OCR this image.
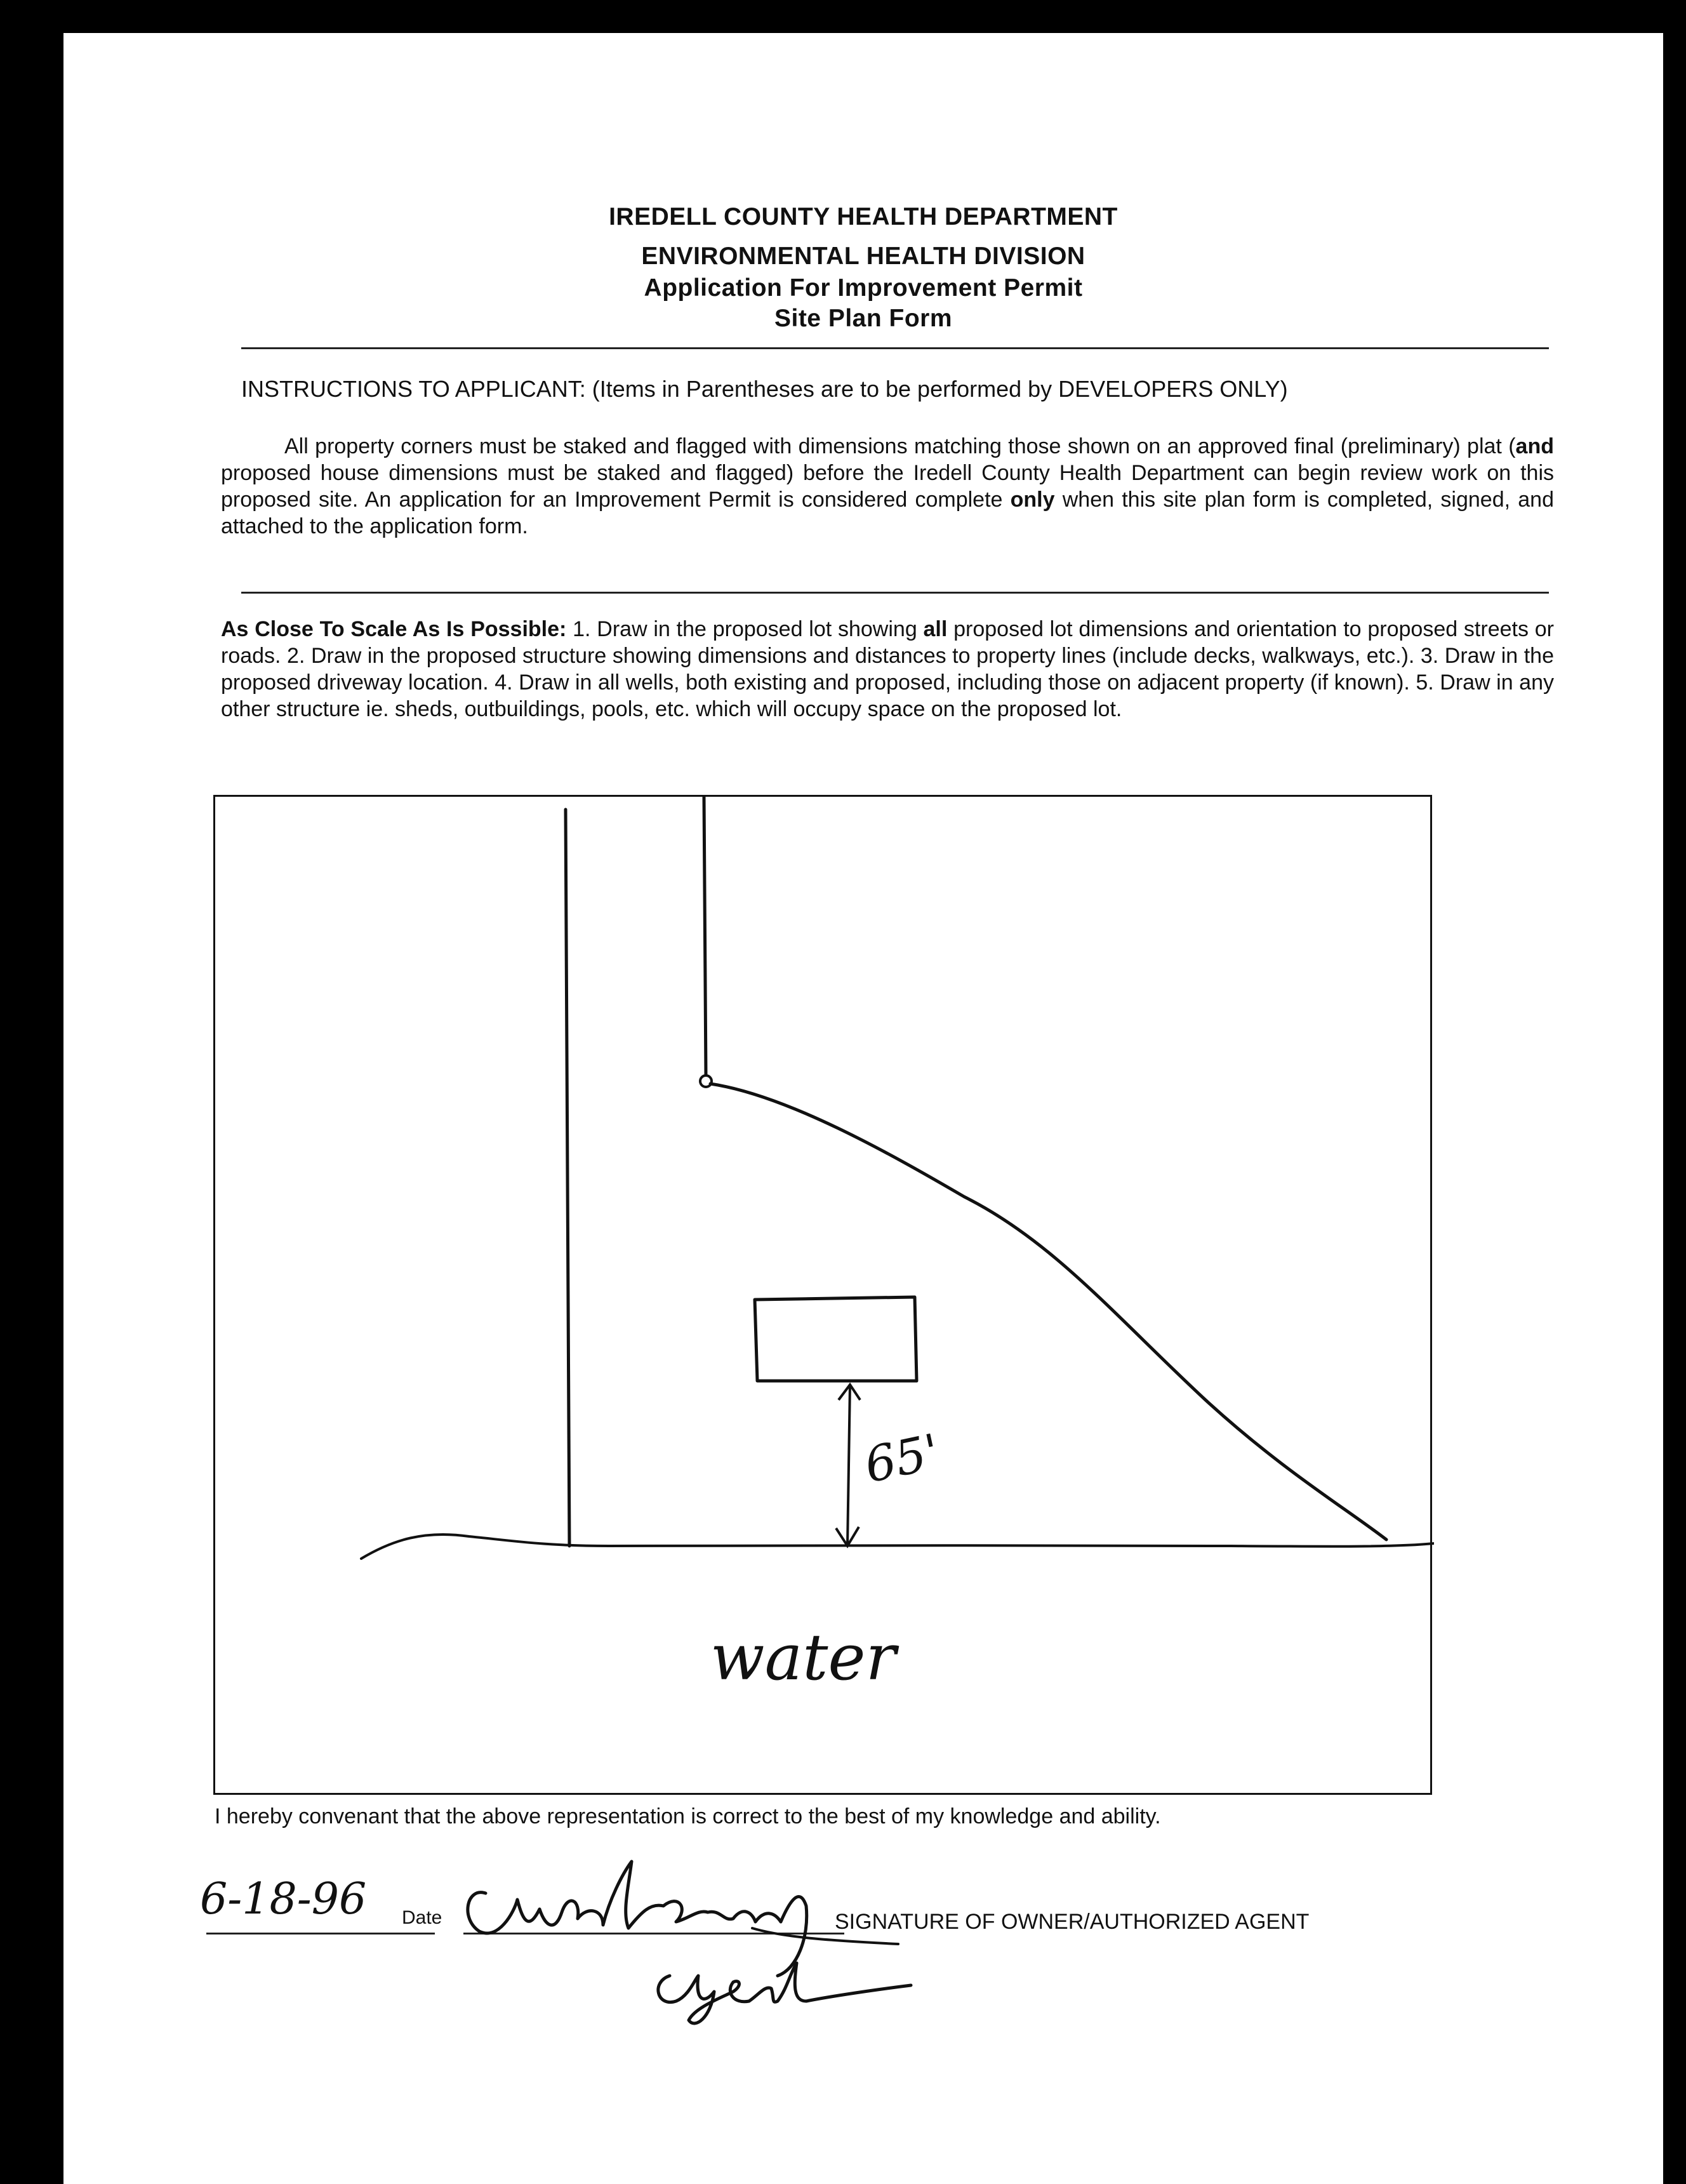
IREDELL COUNTY HEALTH DEPARTMENT
ENVIRONMENTAL HEALTH DIVISION
Application For Improvement Permit
Site Plan Form
INSTRUCTIONS TO APPLICANT: (Items in Parentheses are to be performed by DEVELOPERS ONLY)
All property corners must be staked and flagged with dimensions matching those shown on an approved final (preliminary) plat (and proposed house dimensions must be staked and flagged) before the Iredell County Health Department can begin review work on this proposed site. An application for an Improvement Permit is considered complete only when this site plan form is completed, signed, and attached to the application form.
As Close To Scale As Is Possible: 1. Draw in the proposed lot showing all proposed lot dimensions and orientation to proposed streets or roads. 2. Draw in the proposed structure showing dimensions and distances to property lines (include decks, walkways, etc.). 3. Draw in the proposed driveway location. 4. Draw in all wells, both existing and proposed, including those on adjacent property (if known). 5. Draw in any other structure ie. sheds, outbuildings, pools, etc. which will occupy space on the proposed lot.
65'
water
I hereby convenant that the above representation is correct to the best of my knowledge and ability.
6-18-96 Date	SIGNATURE OF OWNER/AUTHORIZED AGENT
